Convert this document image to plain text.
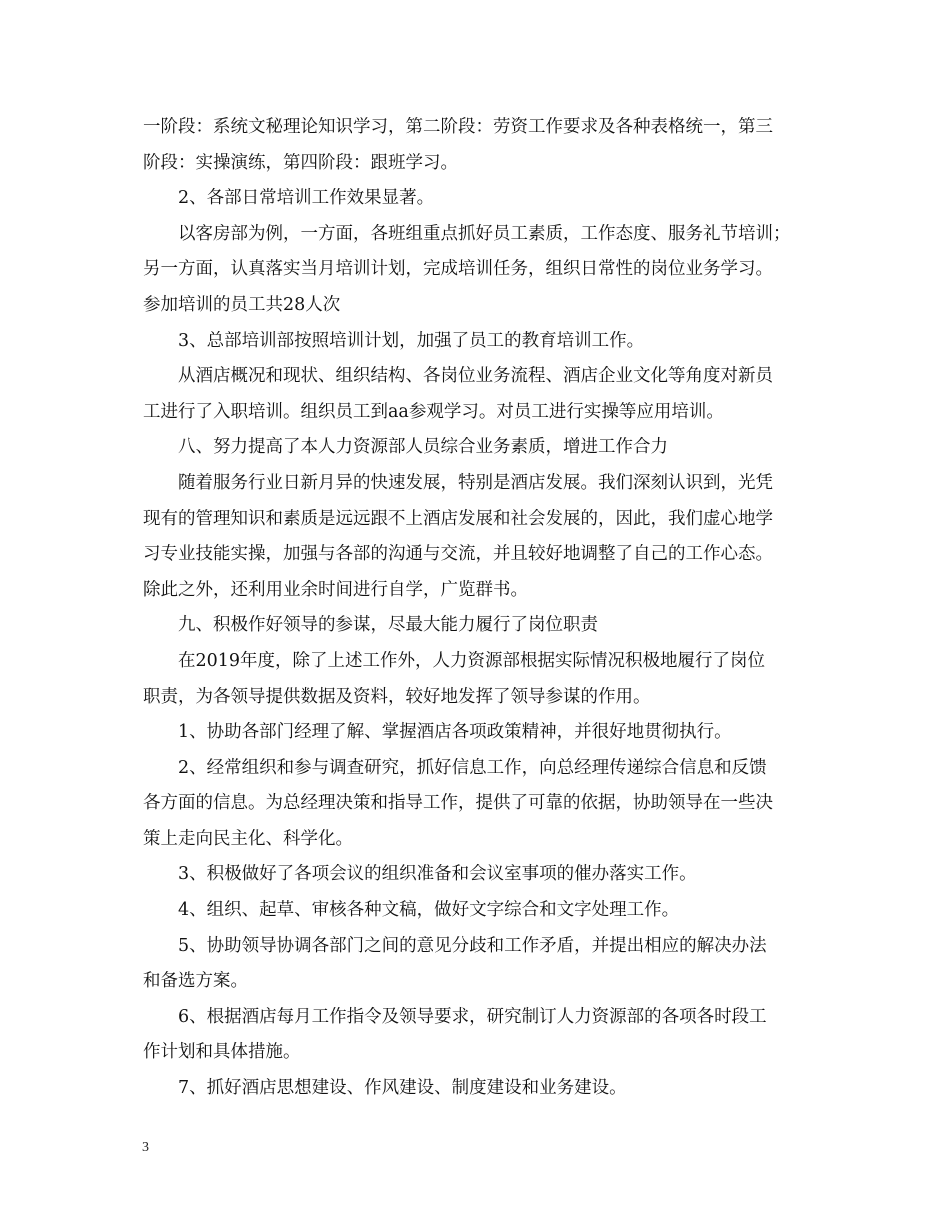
一阶段：系统文秘理论知识学习，第二阶段：劳资工作要求及各种表格统一，第三
阶段：实操演练，第四阶段：跟班学习。
2、各部日常培训工作效果显著。
以客房部为例，一方面，各班组重点抓好员工素质，工作态度、服务礼节培训；
另一方面，认真落实当月培训计划，完成培训任务，组织日常性的岗位业务学习。
参加培训的员工共28人次
3、总部培训部按照培训计划，加强了员工的教育培训工作。
从酒店概况和现状、组织结构、各岗位业务流程、酒店企业文化等角度对新员
工进行了入职培训。组织员工到aa参观学习。对员工进行实操等应用培训。
八、努力提高了本人力资源部人员综合业务素质，增进工作合力
随着服务行业日新月异的快速发展，特别是酒店发展。我们深刻认识到，光凭
现有的管理知识和素质是远远跟不上酒店发展和社会发展的，因此，我们虚心地学
习专业技能实操，加强与各部的沟通与交流，并且较好地调整了自己的工作心态。
除此之外，还利用业余时间进行自学，广览群书。
九、积极作好领导的参谋，尽最大能力履行了岗位职责
在2019年度，除了上述工作外，人力资源部根据实际情况积极地履行了岗位
职责，为各领导提供数据及资料，较好地发挥了领导参谋的作用。
1、协助各部门经理了解、掌握酒店各项政策精神，并很好地贯彻执行。
2、经常组织和参与调查研究，抓好信息工作，向总经理传递综合信息和反馈
各方面的信息。为总经理决策和指导工作，提供了可靠的依据，协助领导在一些决
策上走向民主化、科学化。
3、积极做好了各项会议的组织准备和会议室事项的催办落实工作。
4、组织、起草、审核各种文稿，做好文字综合和文字处理工作。
5、协助领导协调各部门之间的意见分歧和工作矛盾，并提出相应的解决办法
和备选方案。
6、根据酒店每月工作指令及领导要求，研究制订人力资源部的各项各时段工
作计划和具体措施。
7、抓好酒店思想建设、作风建设、制度建设和业务建设。
3
